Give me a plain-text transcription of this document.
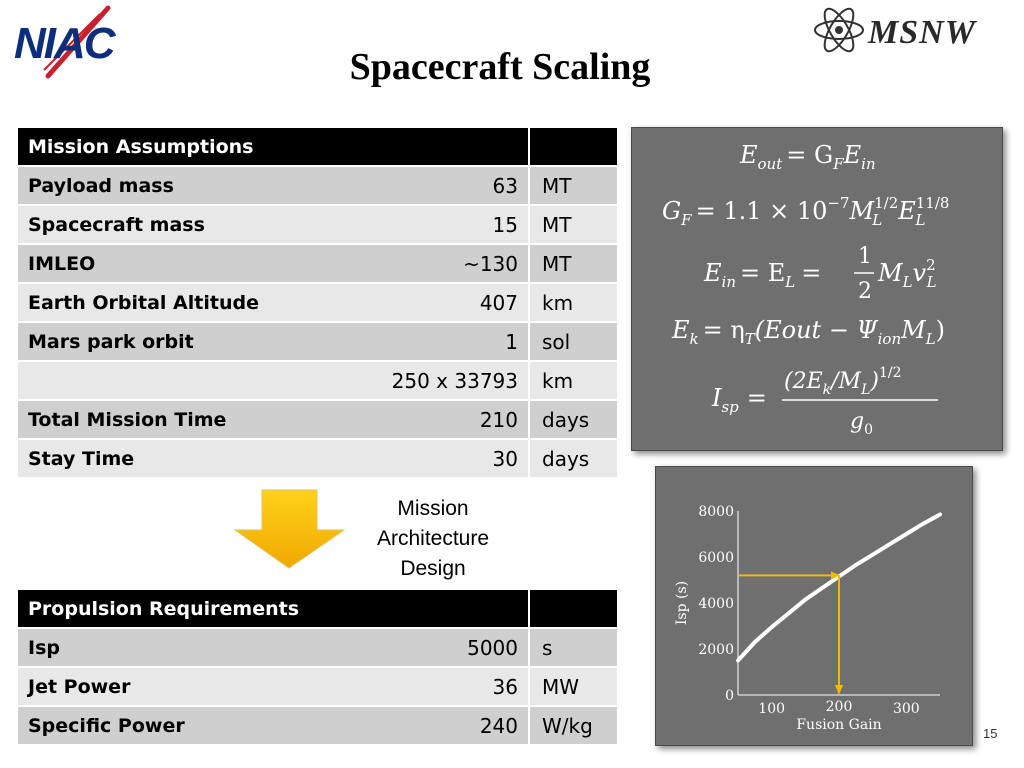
NIAC	MSNW
Spacecraft Scaling
Mission Assumptions		
Payload mass	63	MT
Spacecraft mass	15	MT
IMLEO	~130	MT
Earth Orbital Altitude	407	km
Mars park orbit	1	sol
	250 x 33793	km
Total Mission Time	210	days
Stay Time	30	days
Mission
Architecture
Design
Propulsion Requirements		
Isp	5000	s
Jet Power	36	MW
Specific Power	240	W/kg
$E_{out} = G_FE_{in}$
$G_F = 1.1 \times 10^{-7}M^{1/2}$ L $E^{11/8}$ L
$E_{in} = E_L$ =
1
2
$M_Lv^2$ L
$E_k$ = $\eta_T(Eout - \Psi_{ion}M_L)$
$I_{sp}$ =
$(2E_k/M_L)^{1/2}$
$g_0$
0
2000
4000
6000
8000
100	200	300
Fusion Gain
Isp (s)
15
